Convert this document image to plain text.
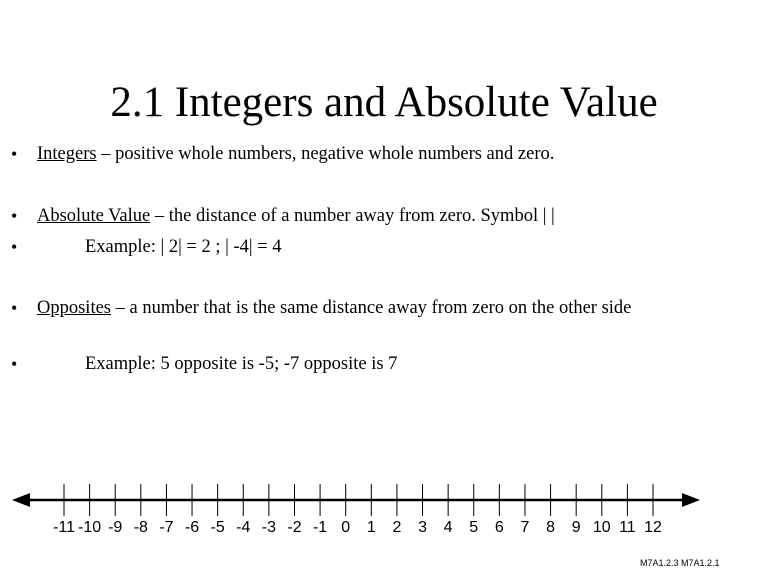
2.1 Integers and Absolute Value
• Integers – positive whole numbers, negative whole numbers and zero.
• Absolute Value – the distance of a number away from zero. Symbol | |
•	Example: | 2| = 2 ; | -4| = 4
• Opposites – a number that is the same distance away from zero on the other side
•	Example: 5 opposite is -5; -7 opposite is 7
-11 -10 -9 -8 -7 -6 -5 -4 -3 -2 -1 0 1 2 3 4 5 6 7 8 9 10 11 12
M7A1.2.3 M7A1.2.1
